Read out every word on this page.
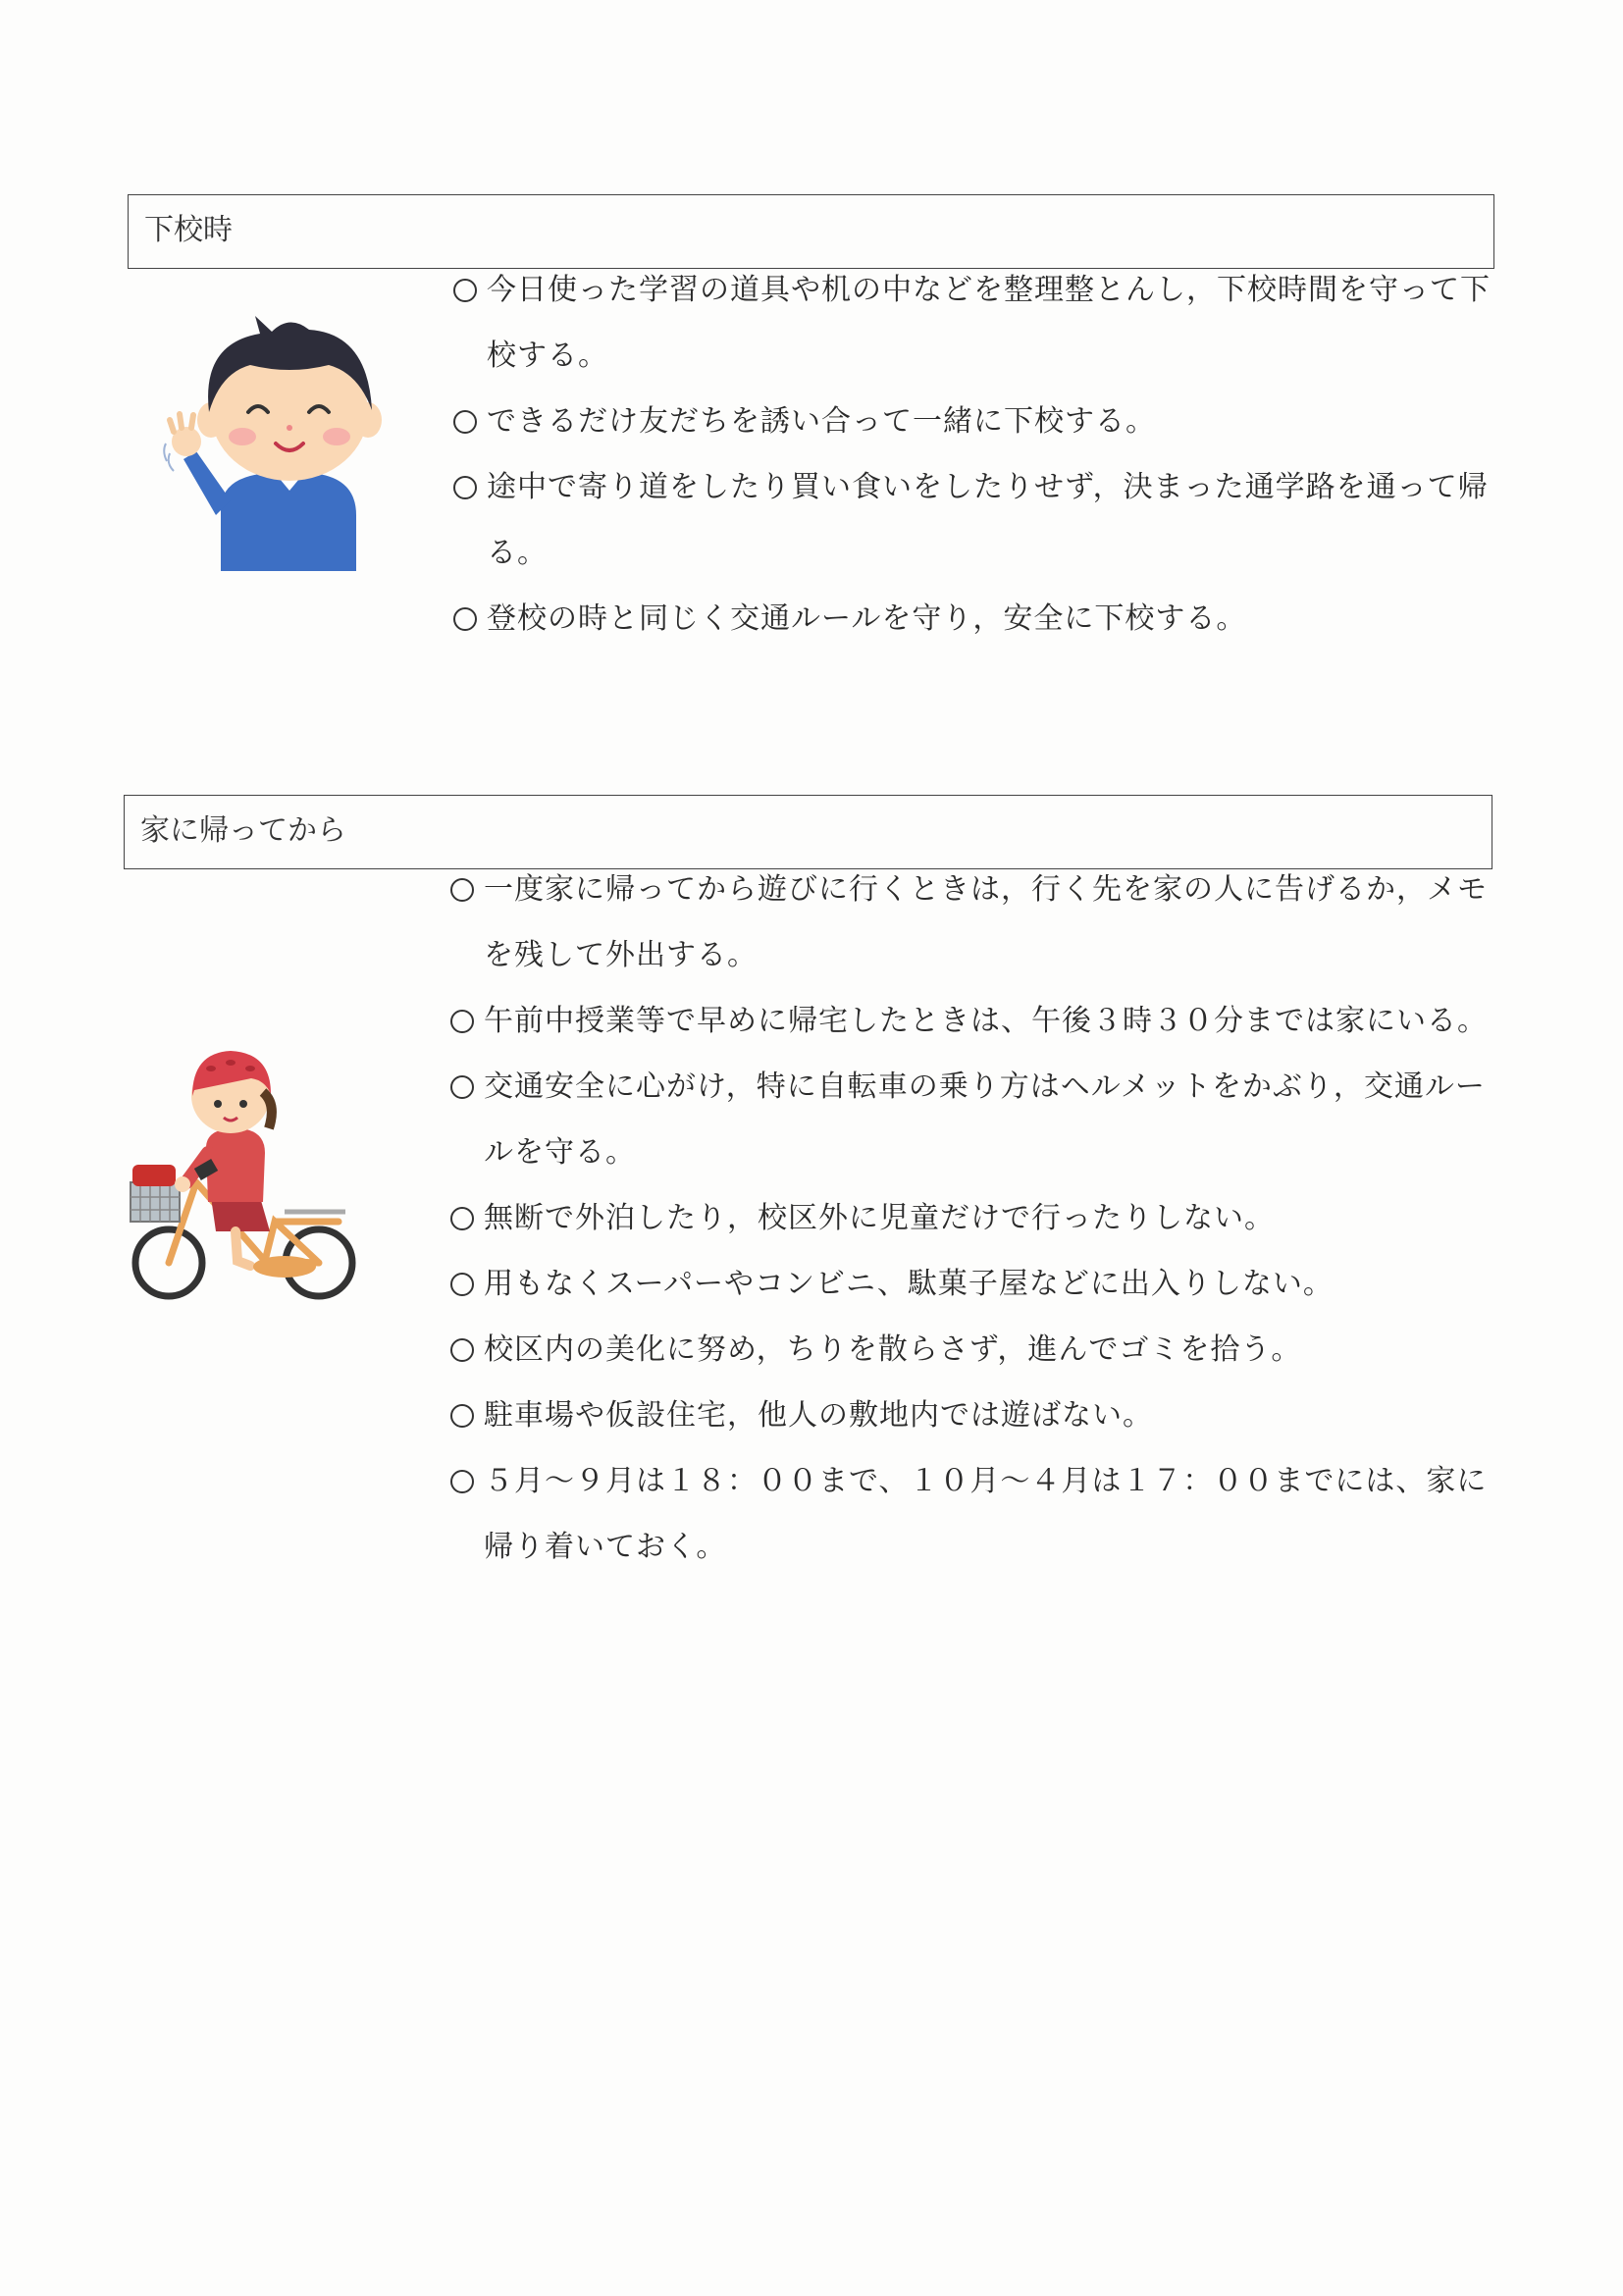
下校時
今日使った学習の道具や机の中などを整理整とんし，下校時間を守って下校する。
できるだけ友だちを誘い合って一緒に下校する。
途中で寄り道をしたり買い食いをしたりせず，決まった通学路を通って帰る。
登校の時と同じく交通ルールを守り，安全に下校する。
家に帰ってから
一度家に帰ってから遊びに行くときは，行く先を家の人に告げるか，メモを残して外出する。
午前中授業等で早めに帰宅したときは、午後３時３０分までは家にいる。
交通安全に心がけ，特に自転車の乗り方はヘルメットをかぶり，交通ルールを守る。
無断で外泊したり，校区外に児童だけで行ったりしない。
用もなくスーパーやコンビニ、駄菓子屋などに出入りしない。
校区内の美化に努め，ちりを散らさず，進んでゴミを拾う。
駐車場や仮設住宅，他人の敷地内では遊ばない。
５月～９月は１８：００まで、１０月～４月は１７：００までには、家に帰り着いておく。
